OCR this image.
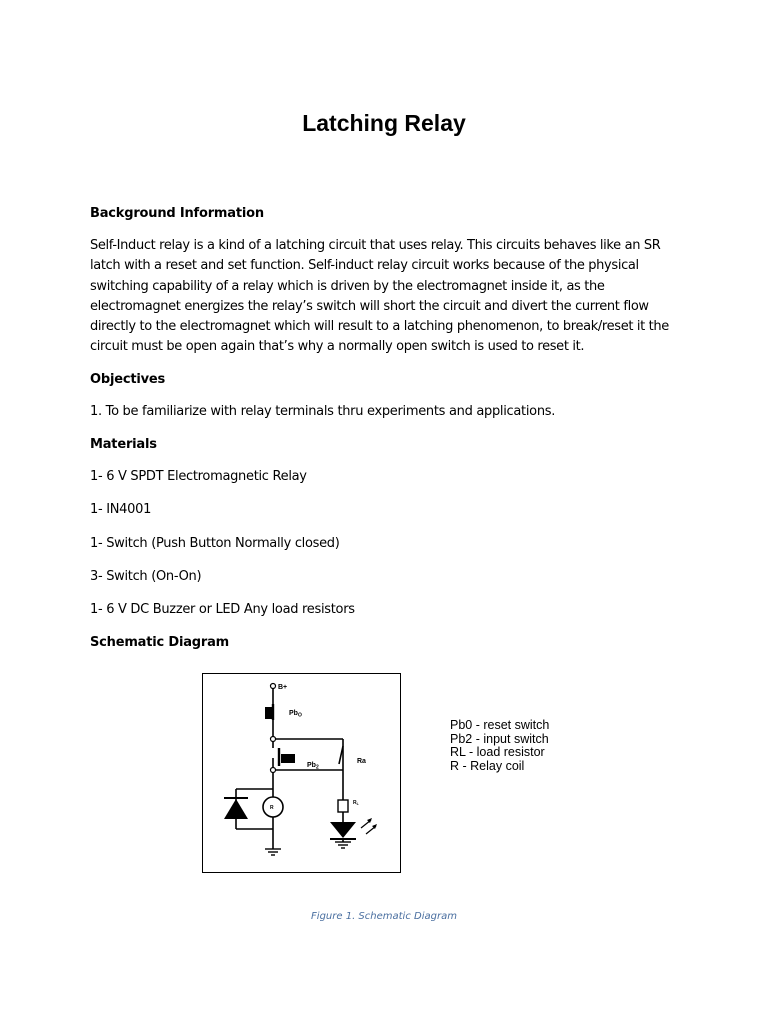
Latching Relay
Background Information
Self-Induct relay is a kind of a latching circuit that uses relay. This circuits behaves like an SR latch with a reset and set function. Self-induct relay circuit works because of the physical switching capability of a relay which is driven by the electromagnet inside it, as the electromagnet energizes the relay’s switch will short the circuit and divert the current flow directly to the electromagnet which will result to a latching phenomenon, to break/reset it the circuit must be open again that’s why a normally open switch is used to reset it.
Objectives
1. To be familiarize with relay terminals thru experiments and applications.
Materials
1- 6 V SPDT Electromagnetic Relay
1- IN4001
1- Switch (Push Button Normally closed)
3- Switch (On-On)
1- 6 V DC Buzzer or LED Any load resistors
Schematic Diagram
B+
$Pb_O$
$Pb_2$
Ra
R
$R_L$
Pb0 - reset switch
Pb2 - input switch
RL - load resistor
R - Relay coil
Figure 1. Schematic Diagram
